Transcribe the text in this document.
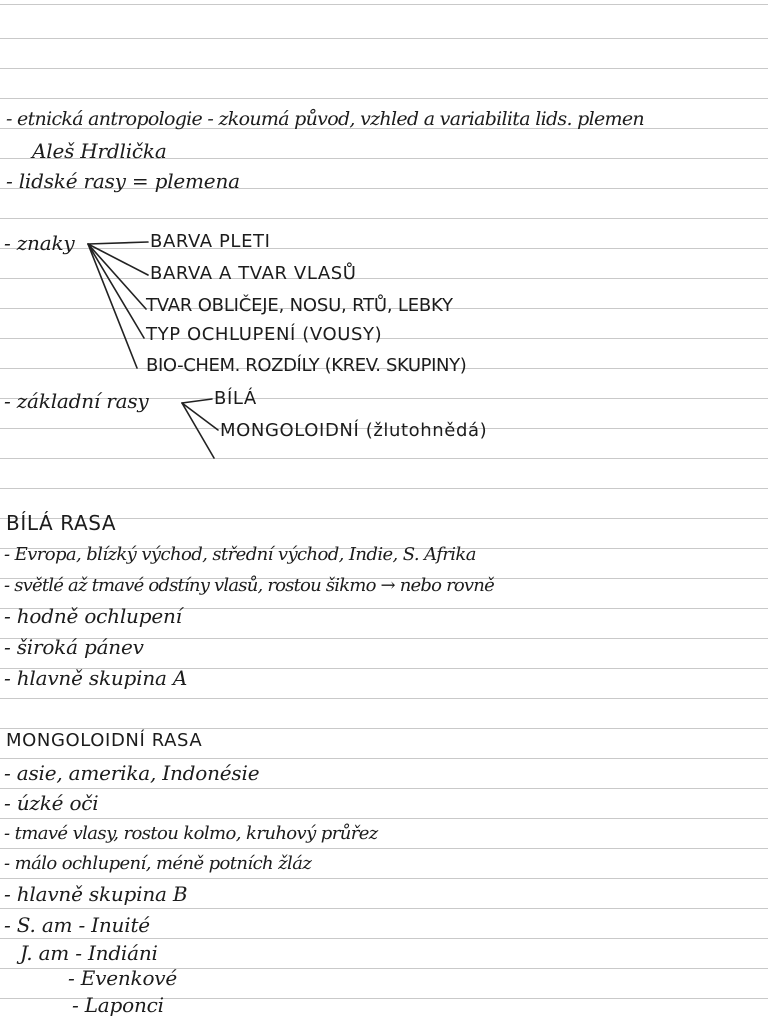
- etnická antropologie - zkoumá původ, vzhled a variabilita lids. plemen
Aleš Hrdlička
- lidské rasy = plemena
- znaky	BARVA PLETI
BARVA A TVAR VLASŮ
TVAR OBLIČEJE, NOSU, RTŮ, LEBKY
TYP OCHLUPENÍ (VOUSY)
BIO-CHEM. ROZDÍLY (KREV. SKUPINY)
- základní rasy	BÍLÁ
MONGOLOIDNÍ (žlutohnědá)
BÍLÁ RASA
- Evropa, blízký východ, střední východ, Indie, S. Afrika
- světlé až tmavé odstíny vlasů, rostou šikmo → nebo rovně
- hodně ochlupení
- široká pánev
- hlavně skupina A
MONGOLOIDNÍ RASA
- asie, amerika, Indonésie
- úzké oči
- tmavé vlasy, rostou kolmo, kruhový průřez
- málo ochlupení, méně potních žláz
- hlavně skupina B
- S. am - Inuité
J. am - Indiáni
- Evenkové
- Laponci
